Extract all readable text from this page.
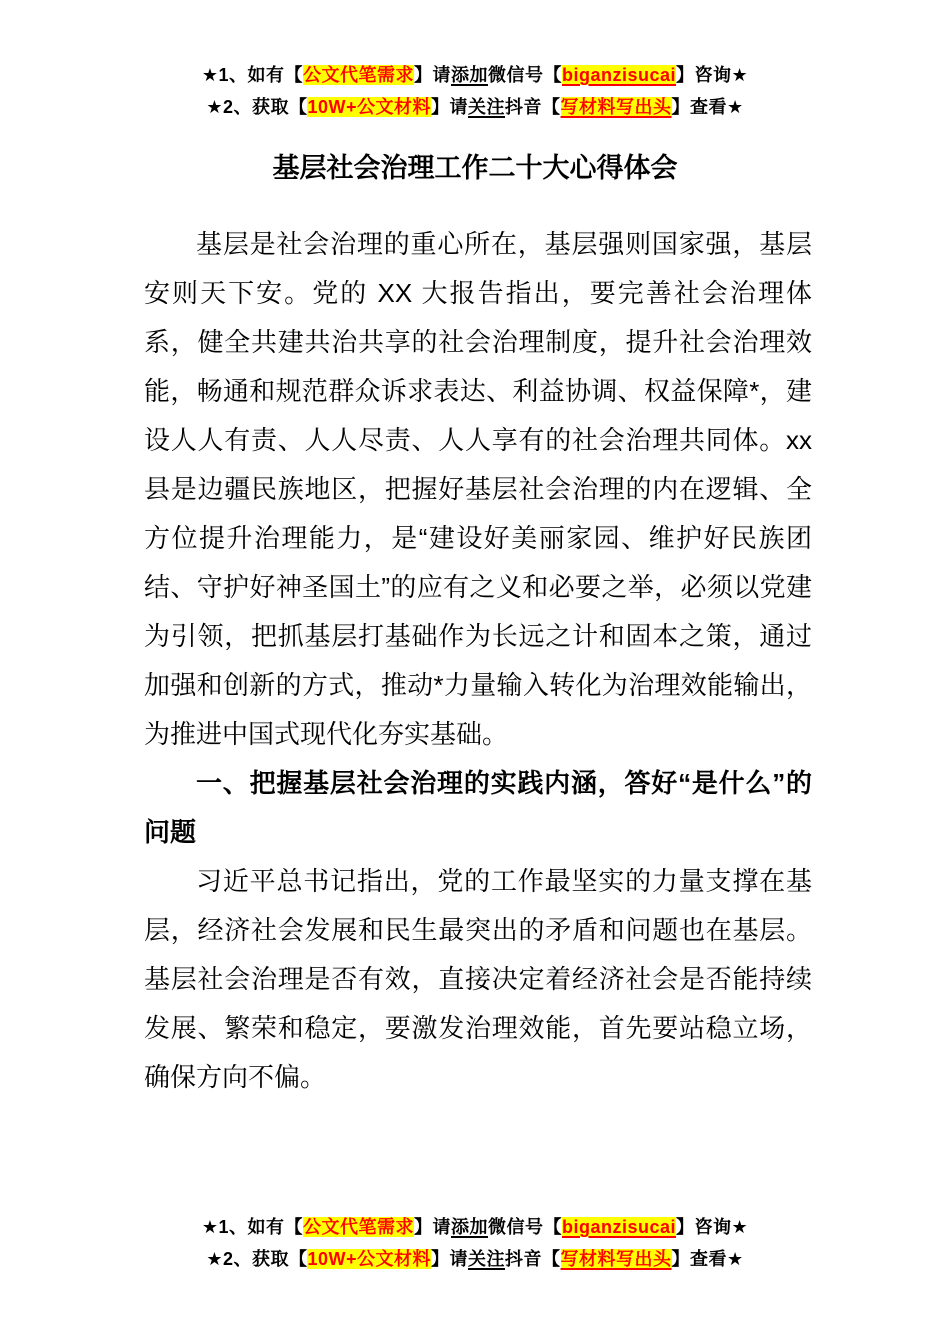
★1、如有【公文代笔需求】请添加微信号【biganzisucai】咨询★
★2、获取【10W+公文材料】请关注抖音【写材料写出头】查看★
基层社会治理工作二十大心得体会

基层是社会治理的重心所在，基层强则国家强，基层安则天下安。党的 XX 大报告指出，要完善社会治理体系，健全共建共治共享的社会治理制度，提升社会治理效能，畅通和规范群众诉求表达、利益协调、权益保障*，建设人人有责、人人尽责、人人享有的社会治理共同体。xx 县是边疆民族地区，把握好基层社会治理的内在逻辑、全方位提升治理能力，是“建设好美丽家园、维护好民族团结、守护好神圣国土”的应有之义和必要之举，必须以党建为引领，把抓基层打基础作为长远之计和固本之策，通过加强和创新的方式，推动*力量输入转化为治理效能输出，为推进中国式现代化夯实基础。

一、把握基层社会治理的实践内涵，答好“是什么”的问题

习近平总书记指出，党的工作最坚实的力量支撑在基层，经济社会发展和民生最突出的矛盾和问题也在基层。基层社会治理是否有效，直接决定着经济社会是否能持续发展、繁荣和稳定，要激发治理效能，首先要站稳立场，确保方向不偏。

★1、如有【公文代笔需求】请添加微信号【biganzisucai】咨询★
★2、获取【10W+公文材料】请关注抖音【写材料写出头】查看★
